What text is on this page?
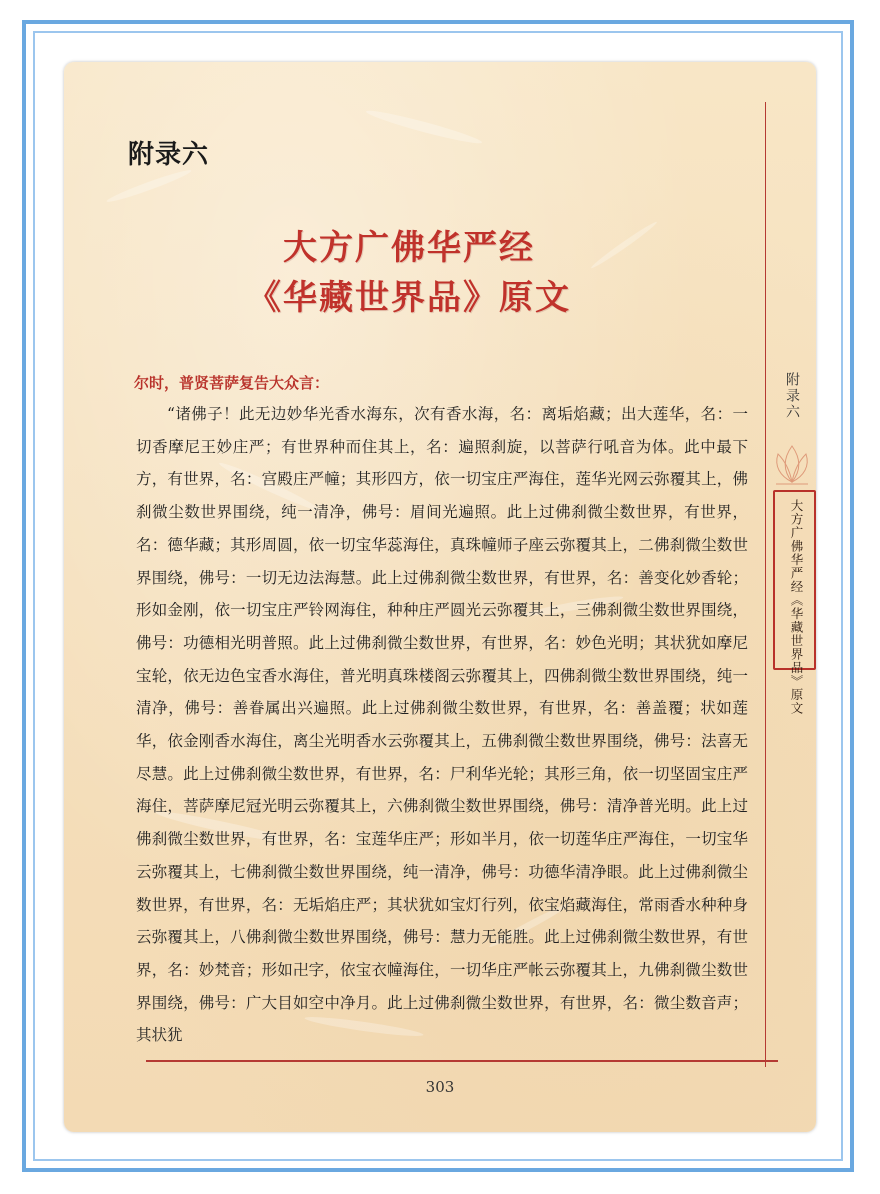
附录六
大方广佛华严经
《华藏世界品》原文
尔时，普贤菩萨复告大众言：

“诸佛子！此无边妙华光香水海东，次有香水海，名：离垢焰藏；出大莲华，名：一切香摩尼王妙庄严；有世界种而住其上，名：遍照刹旋，以菩萨行吼音为体。此中最下方，有世界，名：宫殿庄严幢；其形四方，依一切宝庄严海住，莲华光网云弥覆其上，佛刹微尘数世界围绕，纯一清净，佛号：眉间光遍照。此上过佛刹微尘数世界，有世界，名：德华藏；其形周圆，依一切宝华蕊海住，真珠幢师子座云弥覆其上，二佛刹微尘数世界围绕，佛号：一切无边法海慧。此上过佛刹微尘数世界，有世界，名：善变化妙香轮；形如金刚，依一切宝庄严铃网海住，种种庄严圆光云弥覆其上，三佛刹微尘数世界围绕，佛号：功德相光明普照。此上过佛刹微尘数世界，有世界，名：妙色光明；其状犹如摩尼宝轮，依无边色宝香水海住，普光明真珠楼阁云弥覆其上，四佛刹微尘数世界围绕，纯一清净，佛号：善眷属出兴遍照。此上过佛刹微尘数世界，有世界，名：善盖覆；状如莲华，依金刚香水海住，离尘光明香水云弥覆其上，五佛刹微尘数世界围绕，佛号：法喜无尽慧。此上过佛刹微尘数世界，有世界，名：尸利华光轮；其形三角，依一切坚固宝庄严海住，菩萨摩尼冠光明云弥覆其上，六佛刹微尘数世界围绕，佛号：清净普光明。此上过佛刹微尘数世界，有世界，名：宝莲华庄严；形如半月，依一切莲华庄严海住，一切宝华云弥覆其上，七佛刹微尘数世界围绕，纯一清净，佛号：功德华清净眼。此上过佛刹微尘数世界，有世界，名：无垢焰庄严；其状犹如宝灯行列，依宝焰藏海住，常雨香水种种身云弥覆其上，八佛刹微尘数世界围绕，佛号：慧力无能胜。此上过佛刹微尘数世界，有世界，名：妙梵音；形如卍字，依宝衣幢海住，一切华庄严帐云弥覆其上，九佛刹微尘数世界围绕，佛号：广大目如空中净月。此上过佛刹微尘数世界，有世界，名：微尘数音声；其状犹

附录六
大方广佛华严经《华藏世界品》原文
303
